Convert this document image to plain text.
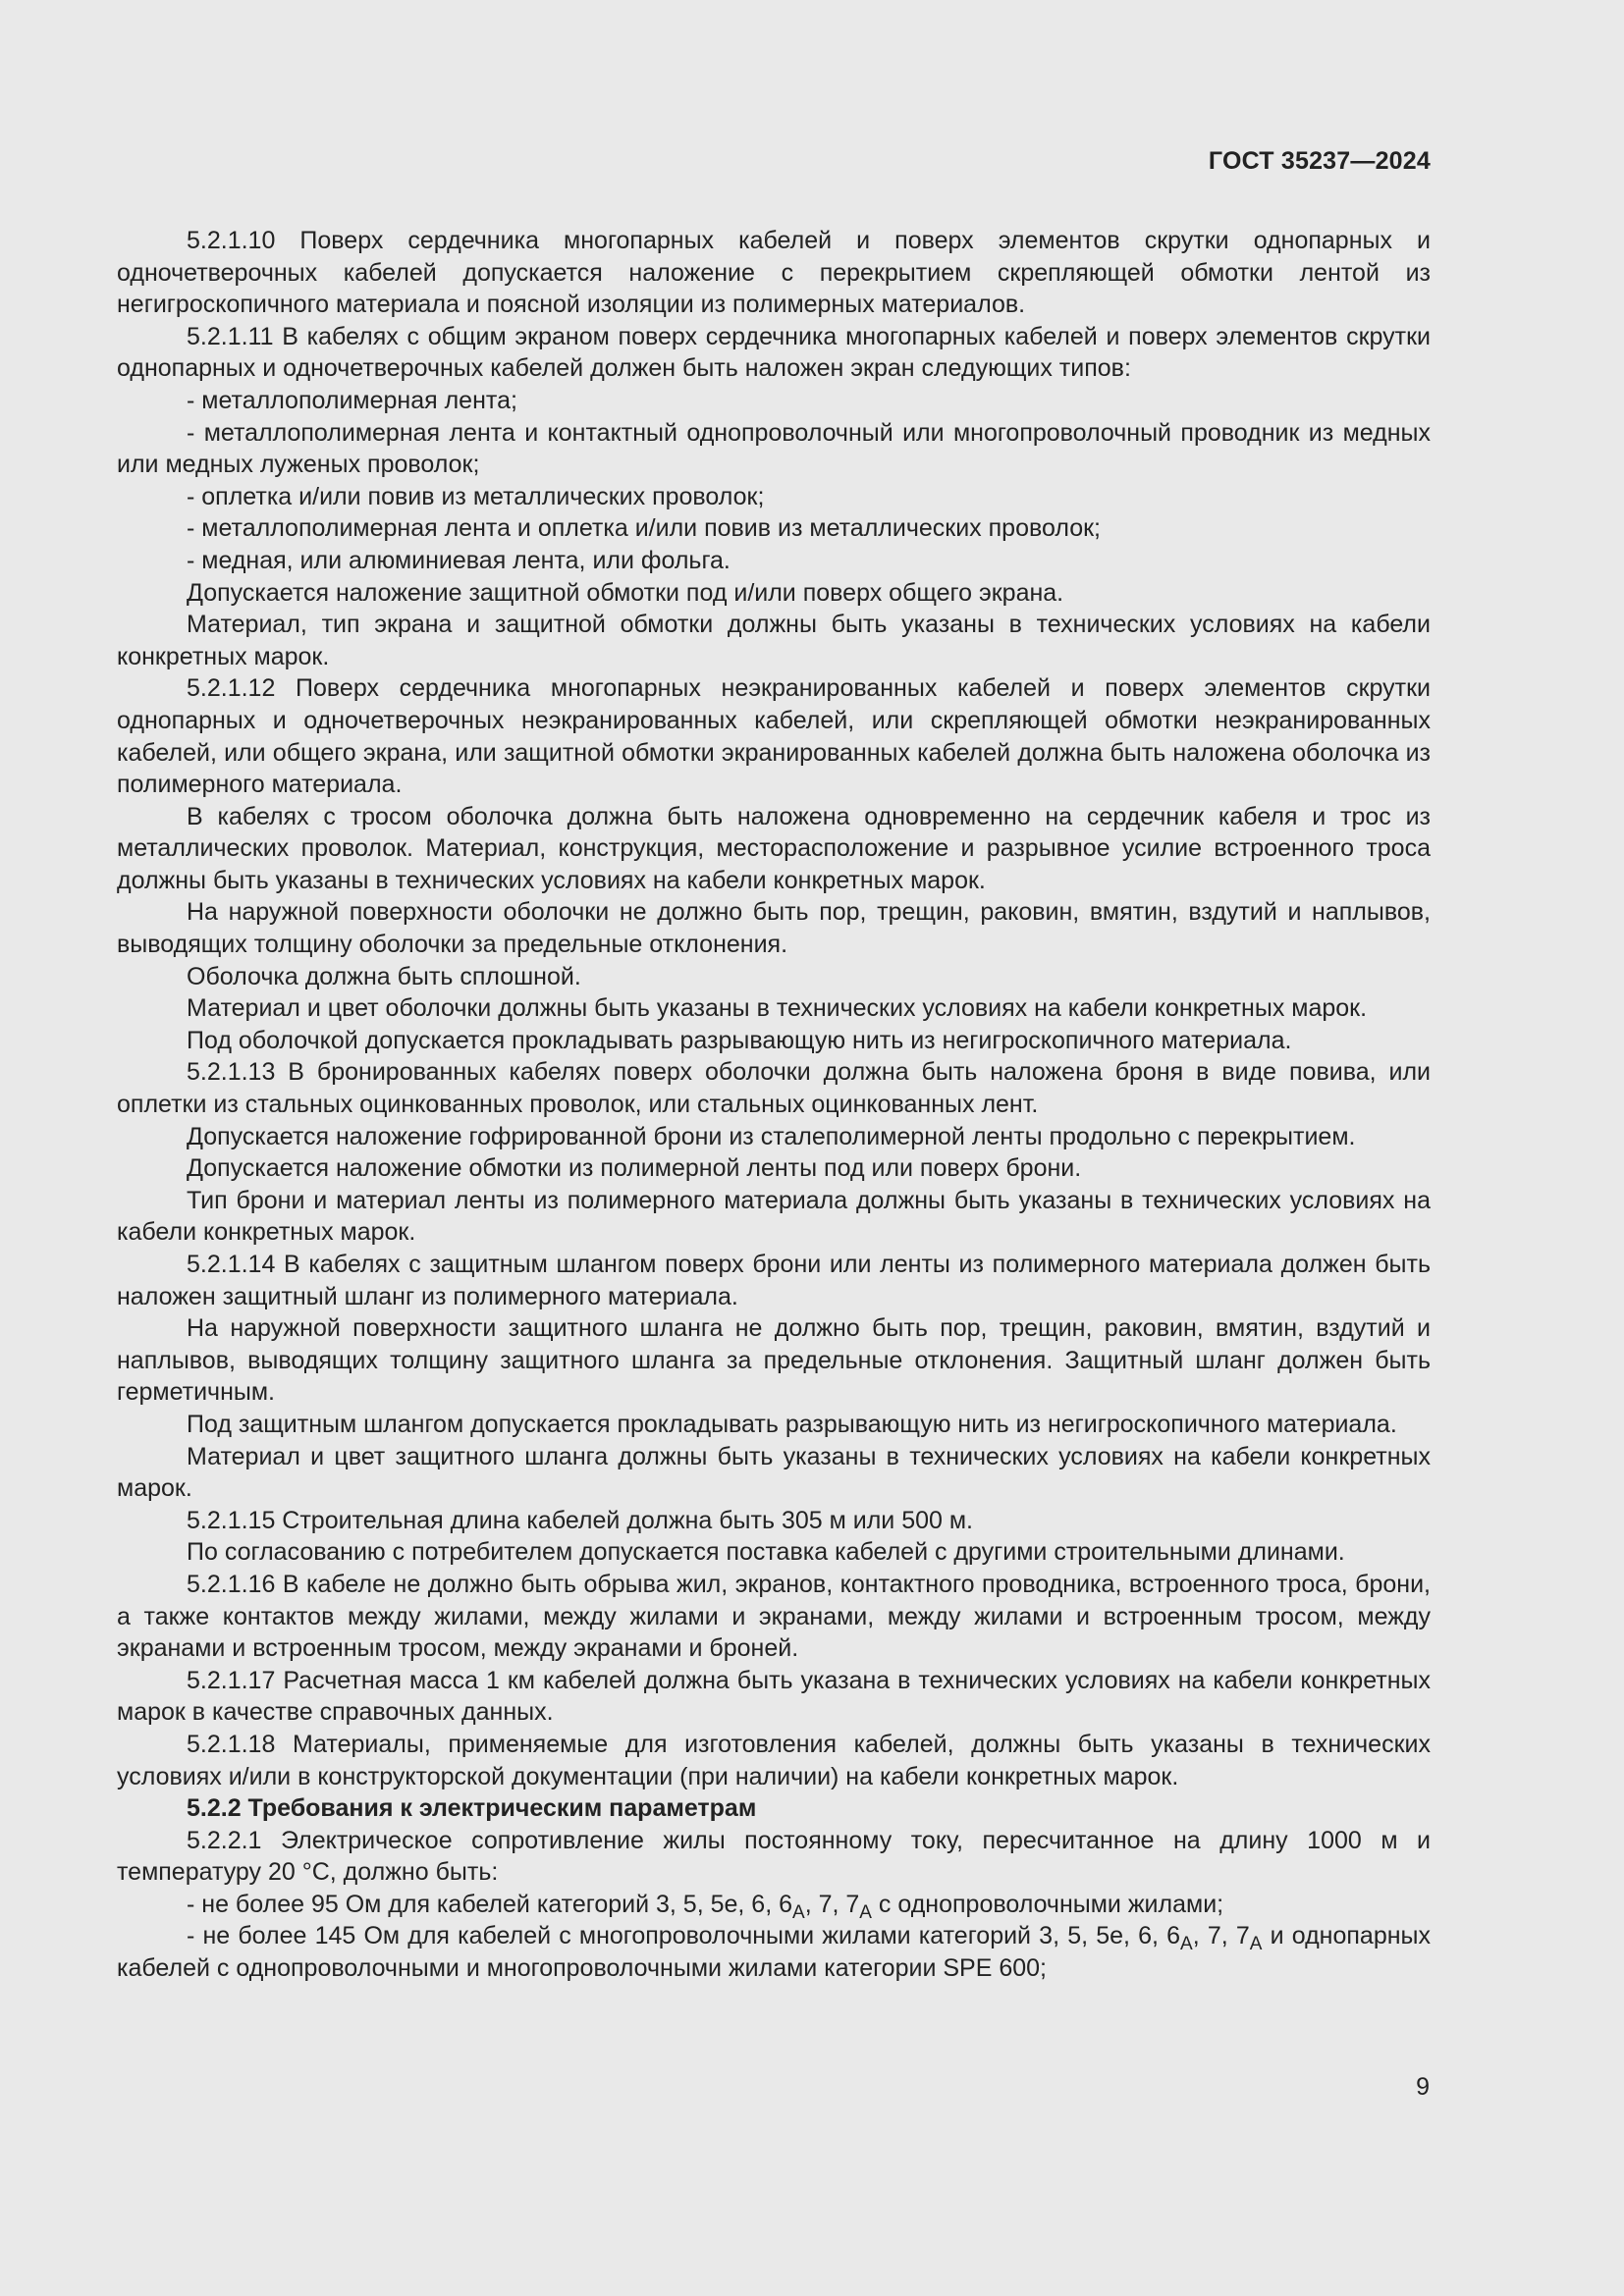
ГОСТ 35237—2024

5.2.1.10 Поверх сердечника многопарных кабелей и поверх элементов скрутки однопарных и одночетверочных кабелей допускается наложение с перекрытием скрепляющей обмотки лентой из негигроскопичного материала и поясной изоляции из полимерных материалов.

5.2.1.11 В кабелях с общим экраном поверх сердечника многопарных кабелей и поверх элементов скрутки однопарных и одночетверочных кабелей должен быть наложен экран следующих типов:

- металлополимерная лента;

- металлополимерная лента и контактный однопроволочный или многопроволочный проводник из медных или медных луженых проволок;

- оплетка и/или повив из металлических проволок;

- металлополимерная лента и оплетка и/или повив из металлических проволок;

- медная, или алюминиевая лента, или фольга.

Допускается наложение защитной обмотки под и/или поверх общего экрана.

Материал, тип экрана и защитной обмотки должны быть указаны в технических условиях на кабели конкретных марок.

5.2.1.12 Поверх сердечника многопарных неэкранированных кабелей и поверх элементов скрутки однопарных и одночетверочных неэкранированных кабелей, или скрепляющей обмотки неэкранированных кабелей, или общего экрана, или защитной обмотки экранированных кабелей должна быть наложена оболочка из полимерного материала.

В кабелях с тросом оболочка должна быть наложена одновременно на сердечник кабеля и трос из металлических проволок. Материал, конструкция, месторасположение и разрывное усилие встроенного троса должны быть указаны в технических условиях на кабели конкретных марок.

На наружной поверхности оболочки не должно быть пор, трещин, раковин, вмятин, вздутий и наплывов, выводящих толщину оболочки за предельные отклонения.

Оболочка должна быть сплошной.

Материал и цвет оболочки должны быть указаны в технических условиях на кабели конкретных марок.

Под оболочкой допускается прокладывать разрывающую нить из негигроскопичного материала.

5.2.1.13 В бронированных кабелях поверх оболочки должна быть наложена броня в виде повива, или оплетки из стальных оцинкованных проволок, или стальных оцинкованных лент.

Допускается наложение гофрированной брони из сталеполимерной ленты продольно с перекрытием.

Допускается наложение обмотки из полимерной ленты под или поверх брони.

Тип брони и материал ленты из полимерного материала должны быть указаны в технических условиях на кабели конкретных марок.

5.2.1.14 В кабелях с защитным шлангом поверх брони или ленты из полимерного материала должен быть наложен защитный шланг из полимерного материала.

На наружной поверхности защитного шланга не должно быть пор, трещин, раковин, вмятин, вздутий и наплывов, выводящих толщину защитного шланга за предельные отклонения. Защитный шланг должен быть герметичным.

Под защитным шлангом допускается прокладывать разрывающую нить из негигроскопичного материала.

Материал и цвет защитного шланга должны быть указаны в технических условиях на кабели конкретных марок.

5.2.1.15 Строительная длина кабелей должна быть 305 м или 500 м.

По согласованию с потребителем допускается поставка кабелей с другими строительными длинами.

5.2.1.16 В кабеле не должно быть обрыва жил, экранов, контактного проводника, встроенного троса, брони, а также контактов между жилами, между жилами и экранами, между жилами и встроенным тросом, между экранами и встроенным тросом, между экранами и броней.

5.2.1.17 Расчетная масса 1 км кабелей должна быть указана в технических условиях на кабели конкретных марок в качестве справочных данных.

5.2.1.18 Материалы, применяемые для изготовления кабелей, должны быть указаны в технических условиях и/или в конструкторской документации (при наличии) на кабели конкретных марок.

5.2.2 Требования к электрическим параметрам

5.2.2.1 Электрическое сопротивление жилы постоянному току, пересчитанное на длину 1000 м и температуру 20 °С, должно быть:

- не более 95 Ом для кабелей категорий 3, 5, 5е, 6, $6_A$, 7, $7_A$ с однопроволочными жилами;

- не более 145 Ом для кабелей с многопроволочными жилами категорий 3, 5, 5е, 6, $6_A$, 7, $7_A$ и однопарных кабелей с однопроволочными и многопроволочными жилами категории SPE 600;

9
